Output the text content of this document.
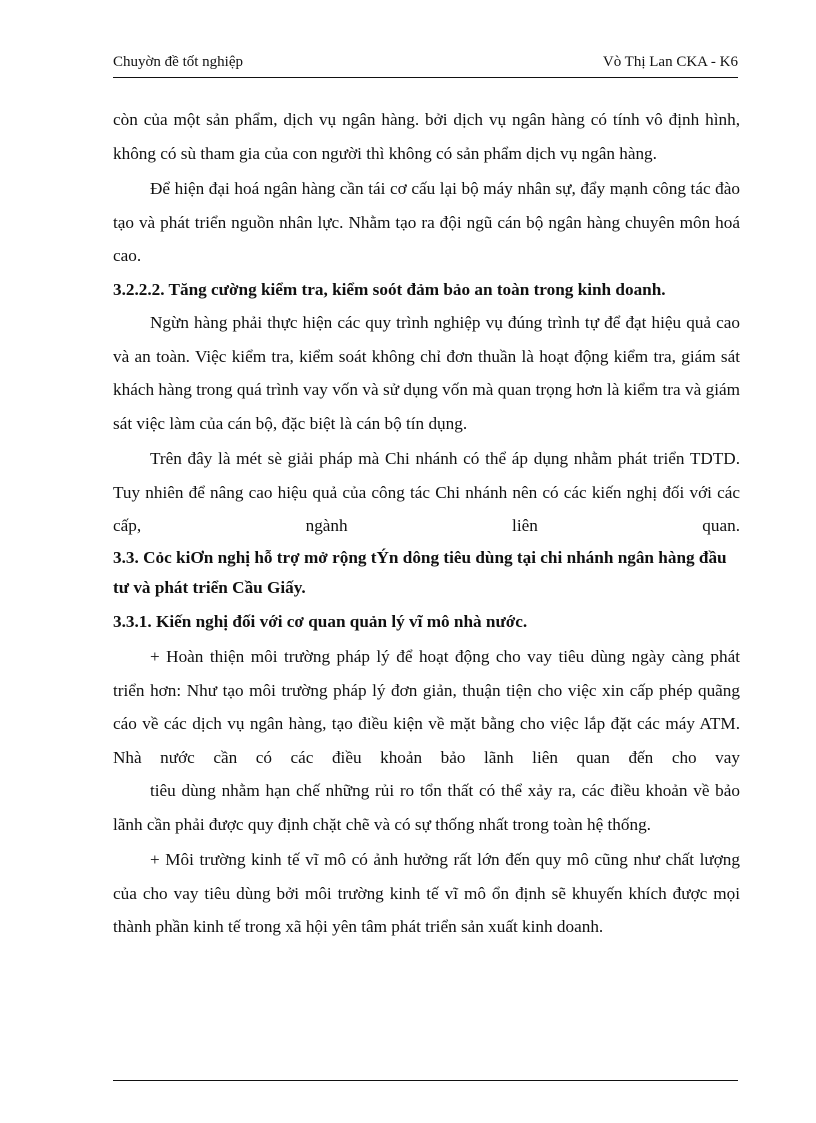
Chuyờn đề tốt nghiệp	Vò Thị Lan CKA - K6

còn của một sản phẩm, dịch vụ ngân hàng. bởi dịch vụ ngân hàng có tính vô định hình, không có sù tham gia của con người thì không có sản phẩm dịch vụ ngân hàng.

Để hiện đại hoá ngân hàng cần tái cơ cấu lại bộ máy nhân sự, đẩy mạnh công tác đào tạo và phát triển nguồn nhân lực. Nhằm tạo ra đội ngũ cán bộ ngân hàng chuyên môn hoá cao.

3.2.2.2. Tăng cường kiểm tra, kiểm soót đảm bảo an toàn trong kinh doanh.

Ngừn hàng phải thực hiện các quy trình nghiệp vụ đúng trình tự để đạt hiệu quả cao và an toàn. Việc kiểm tra, kiểm soát không chỉ đơn thuần là hoạt động kiểm tra, giám sát khách hàng trong quá trình vay vốn và sử dụng vốn mà quan trọng hơn là kiểm tra và giám sát việc làm của cán bộ, đặc biệt là cán bộ tín dụng.

Trên đây là mét sè giải pháp mà Chi nhánh có thể áp dụng nhằm phát triển TDTD. Tuy nhiên để nâng cao hiệu quả của công tác Chi nhánh nên có các kiến nghị đối với các cấp, ngành liên quan.

3.3. Cỏc kiƠn nghị hỗ trợ mở rộng tÝn dông tiêu dùng tại chi nhánh ngân hàng đầu tư và phát triển Cầu Giấy.
3.3.1. Kiến nghị đối với cơ quan quản lý vĩ mô nhà nước.

+ Hoàn thiện môi trường pháp lý để hoạt động cho vay tiêu dùng ngày càng phát triển hơn: Như tạo môi trường pháp lý đơn giản, thuận tiện cho việc xin cấp phép quãng cáo về các dịch vụ ngân hàng, tạo điều kiện về mặt bằng cho việc lắp đặt các máy ATM. Nhà nước cần có các điều khoản bảo lãnh liên quan đến cho vay

tiêu dùng nhằm hạn chế những rủi ro tổn thất có thể xảy ra, các điều khoản về bảo lãnh cần phải được quy định chặt chẽ và có sự thống nhất trong toàn hệ thống.

+ Môi trường kinh tế vĩ mô có ảnh hưởng rất lớn đến quy mô cũng như chất lượng của cho vay tiêu dùng bởi môi trường kinh tế vĩ mô ổn định sẽ khuyến khích được mọi thành phần kinh tế trong xã hội yên tâm phát triển sản xuất kinh doanh.
